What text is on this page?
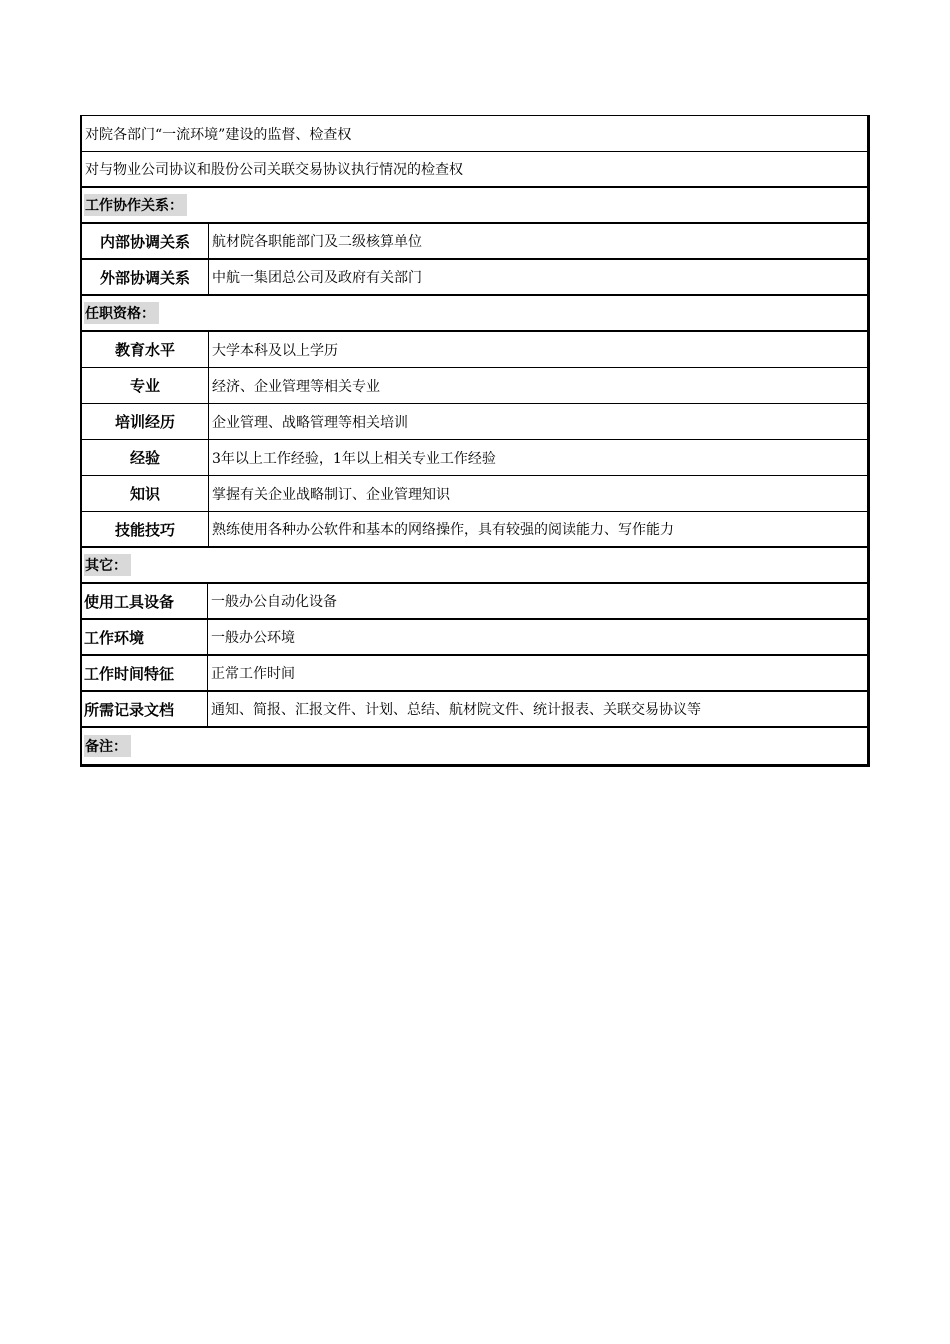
对院各部门“一流环境”建设的监督、检查权
对与物业公司协议和股份公司关联交易协议执行情况的检查权
工作协作关系：
内部协调关系	航材院各职能部门及二级核算单位
外部协调关系	中航一集团总公司及政府有关部门
任职资格：
教育水平	大学本科及以上学历
专业	经济、企业管理等相关专业
培训经历	企业管理、战略管理等相关培训
经验	3年以上工作经验，1年以上相关专业工作经验
知识	掌握有关企业战略制订、企业管理知识
技能技巧	熟练使用各种办公软件和基本的网络操作，具有较强的阅读能力、写作能力
其它：
使用工具设备	一般办公自动化设备
工作环境	一般办公环境
工作时间特征	正常工作时间
所需记录文档	通知、简报、汇报文件、计划、总结、航材院文件、统计报表、关联交易协议等
备注：
